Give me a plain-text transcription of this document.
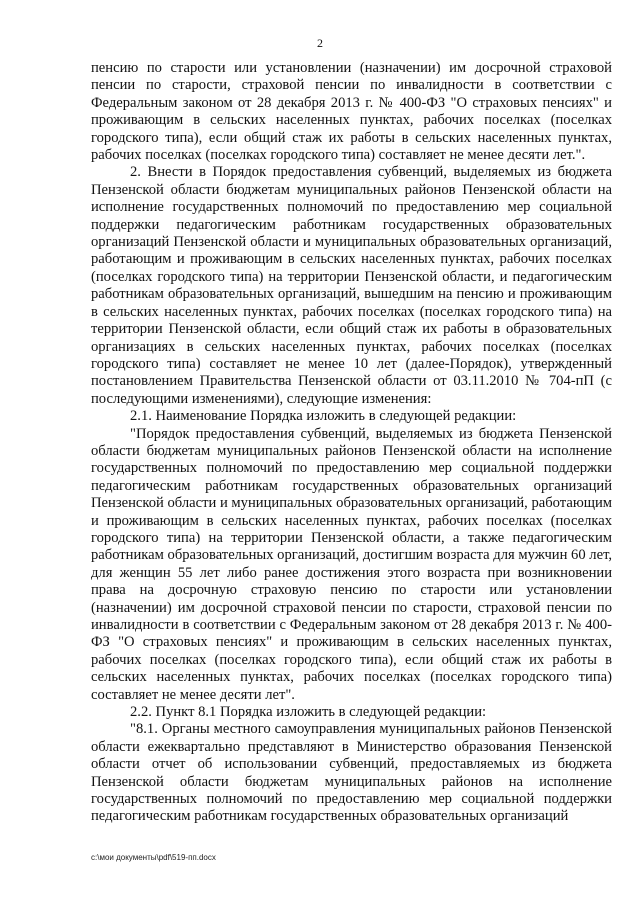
2

пенсию по старости или установлении (назначении) им досрочной страховой пенсии по старости, страховой пенсии по инвалидности в соответствии с Федеральным законом от 28 декабря 2013 г. № 400-ФЗ "О страховых пенсиях" и проживающим в сельских населенных пунктах, рабочих поселках (поселках городского типа), если общий стаж их работы в сельских населенных пунктах, рабочих поселках (поселках городского типа) составляет не менее десяти лет.".

2. Внести в Порядок предоставления субвенций, выделяемых из бюджета Пензенской области бюджетам муниципальных районов Пензенской области на исполнение государственных полномочий по предоставлению мер социальной поддержки педагогическим работникам государственных образовательных организаций Пензенской области и муниципальных образовательных организаций, работающим и проживающим в сельских населенных пунктах, рабочих поселках (поселках городского типа) на территории Пензенской области, и педагогическим работникам образовательных организаций, вышедшим на пенсию и проживающим в сельских населенных пунктах, рабочих поселках (поселках городского типа) на территории Пензенской области, если общий стаж их работы в образовательных организациях в сельских населенных пунктах, рабочих поселках (поселках городского типа) составляет не менее 10 лет (далее-Порядок), утвержденный постановлением Правительства Пензенской области от 03.11.2010 № 704-пП (с последующими изменениями), следующие изменения:

2.1. Наименование Порядка изложить в следующей редакции:

"Порядок предоставления субвенций, выделяемых из бюджета Пензенской области бюджетам муниципальных районов Пензенской области на исполнение государственных полномочий по предоставлению мер социальной поддержки педагогическим работникам государственных образовательных организаций Пензенской области и муниципальных образовательных организаций, работающим и проживающим в сельских населенных пунктах, рабочих поселках (поселках городского типа) на территории Пензенской области, а также педагогическим работникам образовательных организаций, достигшим возраста для мужчин 60 лет, для женщин 55 лет либо ранее достижения этого возраста при возникновении права на досрочную страховую пенсию по старости или установлении (назначении) им досрочной страховой пенсии по старости, страховой пенсии по инвалидности в соответствии с Федеральным законом от 28 декабря 2013 г. № 400-ФЗ "О страховых пенсиях" и проживающим в сельских населенных пунктах, рабочих поселках (поселках городского типа), если общий стаж их работы в сельских населенных пунктах, рабочих поселках (поселках городского типа) составляет не менее десяти лет".

2.2. Пункт 8.1 Порядка изложить в следующей редакции:

"8.1. Органы местного самоуправления муниципальных районов Пензенской области ежеквартально представляют в Министерство образования Пензенской области отчет об использовании субвенций, предоставляемых из бюджета Пензенской области бюджетам муниципальных районов на исполнение государственных полномочий по предоставлению мер социальной поддержки педагогическим работникам государственных образовательных организаций

c:\мои документы\pdf\519-пп.docx
